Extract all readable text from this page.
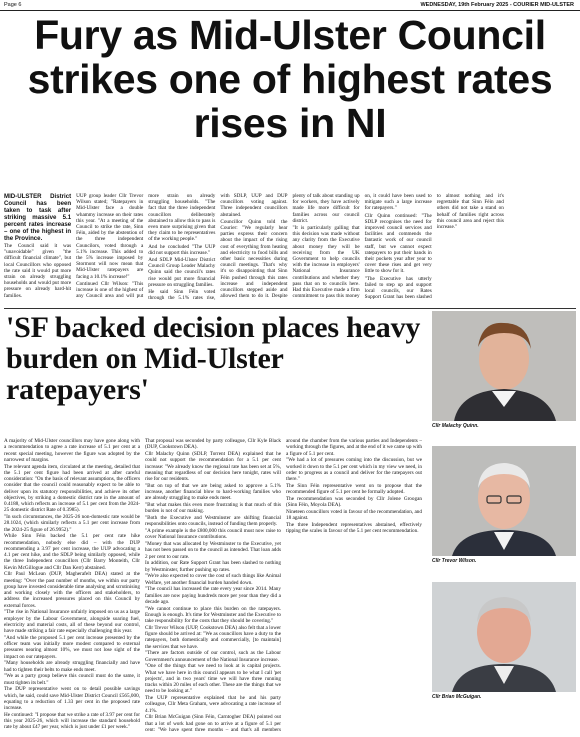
Page 6	WEDNESDAY, 19th February 2025 - COURIER MID-ULSTER
Fury as Mid-Ulster Council strikes one of highest rates rises in NI

MID-ULSTER District Council has been taken to task after striking massive 5.1 percent rates increase – one of the highest in the Province.

The Council said it was "unavoidable" given "the difficult financial climate", but local Councillors who opposed the rate said it would put more strain on already struggling households and would put more pressure on already hard-hit families.

UUP group leader Cllr Trevor Wilson stated; "Ratepayers in Mid-Ulster face a double whammy increase on their rates this year. "At a meeting of the Council to strike the rate, Sinn Féin, aided by the abstention of the three independent Councilors, voted through a 5.1% increase. This added to the 5% increase imposed by Stormont will now mean that Mid-Ulster ratepayers are facing a 10.1% increase!"

Continued Cllr Wilson: "This increase is one of the highest of any Council area and will put more strain on already struggling households. "The fact that the three independent councillors deliberately abstained to allow this to pass is even more surprising given that they claim to be representatives of the working people."

And he concluded "The UUP did not support this increase."

And SDLP Mid-Ulster District Council Group Leader Malachy Quinn said the council's rates rise would put more financial pressure on struggling families.

He said Sinn Féin voted through the 5.1% rates rise, with SDLP, UUP and DUP councillors voting against. Three independent councillors abstained.

Councillor Quinn told the Courier: "We regularly hear parties express their concern about the impact of the rising cost of everything from heating and electricity to food bills and other basic necessities during council meetings. That's why it's so disappointing that Sinn Féin pushed through this rates increase and independent councillors stepped aside and allowed them to do it. Despite plenty of talk about standing up for workers, they have actively made life more difficult for families across our council district.

"It is particularly galling that this decision was made without any clarity from the Executive about money they will be receiving from the UK Government to help councils with the increase in employers' National Insurance contributions and whether they pass that on to councils here. Had this Executive made a firm commitment to pass this money on, it could have been used to mitigate such a large increase for ratepayers."

Cllr Quinn continued: "The SDLP recognises the need for improved council services and facilities and commends the fantastic work of our council staff, but we cannot expect ratepayers to put their hands in their pockets year after year to cover these rises and get very little to show for it.

"The Executive has utterly failed to step up and support local councils, our Rates Support Grant has been slashed to almost nothing and it's regrettable that Sinn Féin and others did not take a stand on behalf of families right across this council area and reject this increase."

'SF backed decision places heavy burden on Mid-Ulster ratepayers'

A majority of Mid-Ulster councillors may have gone along with a recommendation to agree a rate increase of 5.1 per cent at a recent special meeting, however the figure was adopted by the narrowest of margins.

The relevant agenda item, circulated at the meeting, detailed that the 5.1 per cent figure had been arrived at after careful consideration: "On the basis of relevant assumptions, the officers consider that the council could reasonably expect to be able to deliver upon its statutory responsibilities, and achieve its other objectives, by striking a domestic district rate in the amount of 0.4188, which reflects an increase of 5.1 per cent from the 2024-25 domestic district Rate of 0.3985).

"In such circumstances, the 2025-26 non-domestic rate would be 28.1024, (which similarly reflects a 5.1 per cent increase from the 2024-25 figure of 26.9952)."

While Sinn Féin backed the 5.1 per cent rate hike recommendation, nobody else did – with the DUP recommending a 3.97 per cent increase, the UUP advocating a 4.1 per cent hike, and the SDLP being similarly opposed, while the three Independent councillors (Cllr Barry Monteith, Cllr Kevin McGillogue and Cllr Dan Kerr) abstained.

Cllr Paul McLean (DUP, Magherafelt DEA) stated at the meeting: "Over the past number of months, we within our party group have invested considerable time analysing and scrutinising and working closely with the officers and stakeholders, to address the increased pressures placed on this Council by external forces.

"The rise in National Insurance unfairly imposed on us as a large employer by the Labour Government, alongside soaring fuel, electricity and material costs, all of these beyond our control, have made striking a fair rate especially challenging this year.

"And while the proposed 5.1 per cent increase presented by the officer team was initially more modest compared to external pressures nearing almost 10%, we must not lose sight of the impact on our ratepayers.

"Many households are already struggling financially and have had to tighten their belts to make ends meet.

"We as a party group believe this council must do the same, it must tighten its belt."

The DUP representative went on to detail possible savings which, he said, could save Mid-Ulster District Council £565,000, equating to a reduction of 1.33 per cent in the proposed rate increase.

He continued: "I propose that we strike a rate of 3.97 per cent for this year 2025-26, which will increase the standard household rate by about £47 per year, which is just under £1 per week."

That proposal was seconded by party colleague, Cllr Kyle Black (DUP, Cookstown DEA).

Cllr Malachy Quinn (SDLP, Torrent DEA) explained that he could not support the recommendation for a 5.1 per cent increase: "We already know the regional rate has been set at 5%, meaning that regardless of our decision here tonight, rates will rise for our residents.

"But on top of that we are being asked to approve a 5.1% increase, another financial blow to hard-working families who are already struggling to make ends meet.

"But what makes this even more frustrating is that much of this burden is not of our making.

"Both the Executive and Westminster are shifting financial responsibilities onto councils, instead of funding them properly.

"A prime example is the £800,000 this council must now raise to cover National Insurance contributions.

"Money that was allocated by Westminster to the Executive, yet has not been passed on to the council as intended. That loan adds 2 per cent to our rate.

In addition, our Rate Support Grant has been slashed to nothing by Westminster, further pushing up rates.

"We're also expected to cover the cost of such things like Animal Welfare, yet another financial burden handed down.

"The council has increased the rate every year since 2014. Many families are now paying hundreds more per year than they did a decade ago.

"We cannot continue to place this burden on the ratepayers. Enough is enough. It's time for Westminster and the Executive to take responsibility for the costs that they should be covering."

Cllr Trevor Wilson (UUP, Cookstown DEA) also felt that a lower figure should be arrived at: "We as councillors have a duty to the ratepayers, both domestically and commercially, [to maintain] the services that we have.

"There are factors outside of our control, such as the Labour Government's announcement of the National Insurance increase.

"One of the things that we need to look at is capital projects. What we have here in this council appears to be what I call 'pet projects', and in two years' time we will have three running tracks within 20 miles of each other. These are the things that we need to be looking at."

The UUP representative explained that he and his party colleague, Cllr Meta Graham, were advocating a rate increase of 4.1%.

Cllr Brian McGuigan (Sinn Féin, Carntogher DEA) pointed out that a lot of work had gone on to arrive at a figure of 5.1 per cent: "We have spent three months – and that's all members around the chamber from the various parties and Independents – working through the figures, and at the end of it we came up with a figure of 5.1 per cent.

"We had a lot of pressures coming into the discussion, but we worked it down to the 5.1 per cent which in my view we need, in order to progress as a council and deliver for the ratepayers out there."

The Sinn Féin representative went on to propose that the recommended figure of 5.1 per cent be formally adopted.

The recommendation was seconded by Cllr Jolene Groogan (Sinn Féin, Moyola DEA).

Nineteen councillors voted in favour of the recommendation, and 18 against.

The three Independent representatives abstained, effectively tipping the scales in favour of the 5.1 per cent recommendation.

Cllr Malachy Quinn.
Cllr Trevor Wilson.
Cllr Brian McGuigan.
